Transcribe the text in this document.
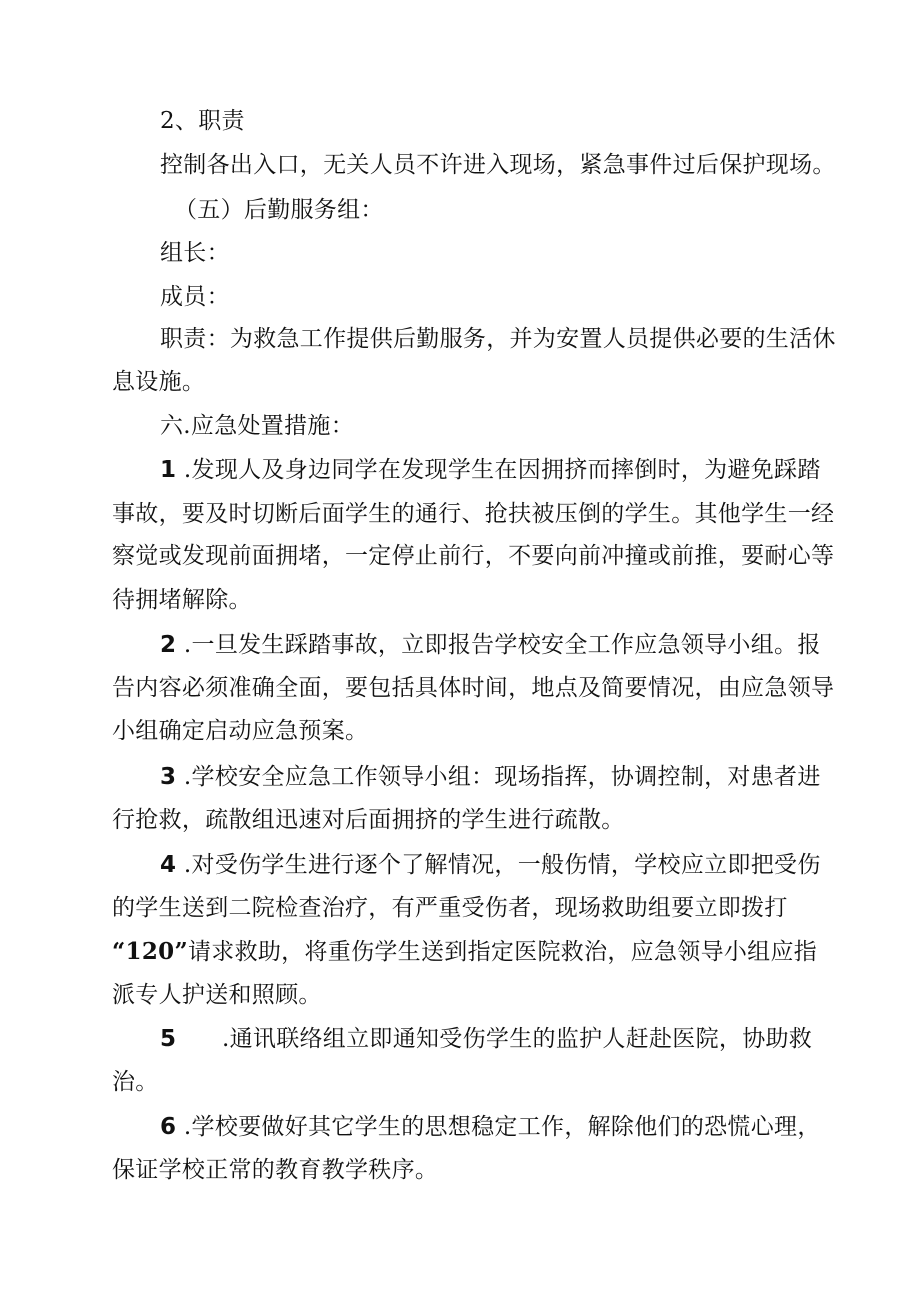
2、职责
控制各出入口，无关人员不许进入现场，紧急事件过后保护现场。
（五）后勤服务组：
组长：
成员：
职责：为救急工作提供后勤服务，并为安置人员提供必要的生活休
息设施。
六.应急处置措施：
1 .发现人及身边同学在发现学生在因拥挤而摔倒时，为避免踩踏
事故，要及时切断后面学生的通行、抢扶被压倒的学生。其他学生一经
察觉或发现前面拥堵，一定停止前行，不要向前冲撞或前推，要耐心等
待拥堵解除。
2 .一旦发生踩踏事故，立即报告学校安全工作应急领导小组。报
告内容必须准确全面，要包括具体时间，地点及简要情况，由应急领导
小组确定启动应急预案。
3 .学校安全应急工作领导小组：现场指挥，协调控制，对患者进
行抢救，疏散组迅速对后面拥挤的学生进行疏散。
4 .对受伤学生进行逐个了解情况，一般伤情，学校应立即把受伤
的学生送到二院检查治疗，有严重受伤者，现场救助组要立即拨打
“120”请求救助，将重伤学生送到指定医院救治，应急领导小组应指
派专人护送和照顾。
5      .通讯联络组立即通知受伤学生的监护人赶赴医院，协助救
治。
6 .学校要做好其它学生的思想稳定工作，解除他们的恐慌心理，
保证学校正常的教育教学秩序。
